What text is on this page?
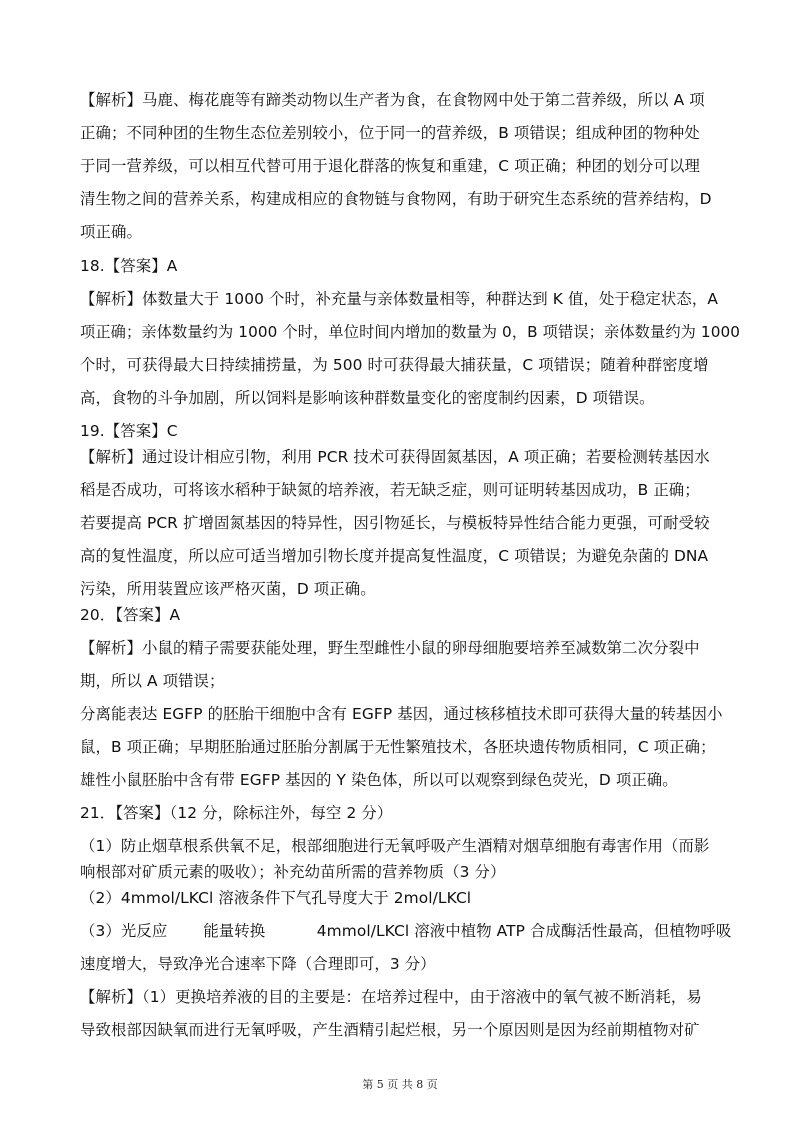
【解析】马鹿、梅花鹿等有蹄类动物以生产者为食，在食物网中处于第二营养级，所以 A 项
正确；不同种团的生物生态位差别较小，位于同一的营养级，B 项错误；组成种团的物种处
于同一营养级，可以相互代替可用于退化群落的恢复和重建，C 项正确；种团的划分可以理
清生物之间的营养关系，构建成相应的食物链与食物网，有助于研究生态系统的营养结构，D
项正确。
18.【答案】A
【解析】体数量大于 1000 个时，补充量与亲体数量相等，种群达到 K 值，处于稳定状态，A
项正确；亲体数量约为 1000 个时，单位时间内增加的数量为 0，B 项错误；亲体数量约为 1000
个时，可获得最大日持续捕捞量，为 500 时可获得最大捕获量，C 项错误；随着种群密度增
高，食物的斗争加剧，所以饲料是影响该种群数量变化的密度制约因素，D 项错误。
19.【答案】C
【解析】通过设计相应引物，利用 PCR 技术可获得固氮基因，A 项正确；若要检测转基因水
稻是否成功，可将该水稻种于缺氮的培养液，若无缺乏症，则可证明转基因成功，B 正确；
若要提高 PCR 扩增固氮基因的特异性，因引物延长，与模板特异性结合能力更强，可耐受较
高的复性温度，所以应可适当增加引物长度并提高复性温度，C 项错误；为避免杂菌的 DNA
污染，所用装置应该严格灭菌，D 项正确。
20．【答案】A
【解析】小鼠的精子需要获能处理，野生型雌性小鼠的卵母细胞要培养至减数第二次分裂中
期，所以 A 项错误；
分离能表达 EGFP 的胚胎干细胞中含有 EGFP 基因，通过核移植技术即可获得大量的转基因小
鼠，B 项正确；早期胚胎通过胚胎分割属于无性繁殖技术，各胚块遗传物质相同，C 项正确；
雄性小鼠胚胎中含有带 EGFP 基因的 Y 染色体，所以可以观察到绿色荧光，D 项正确。
21．【答案】（12 分，除标注外，每空 2 分）
（1）防止烟草根系供氧不足，根部细胞进行无氧呼吸产生酒精对烟草细胞有毒害作用（而影
响根部对矿质元素的吸收）；补充幼苗所需的营养物质（3 分）
（2）4mmol/LKCl 溶液条件下气孔导度大于 2mol/LKCl
（3）光反应　　 能量转换　　　 4mmol/LKCl 溶液中植物 ATP 合成酶活性最高，但植物呼吸
速度增大，导致净光合速率下降（合理即可，3 分）
【解析】（1）更换培养液的目的主要是：在培养过程中，由于溶液中的氧气被不断消耗，易
导致根部因缺氧而进行无氧呼吸，产生酒精引起烂根，另一个原因则是因为经前期植物对矿
第 5 页 共 8 页
